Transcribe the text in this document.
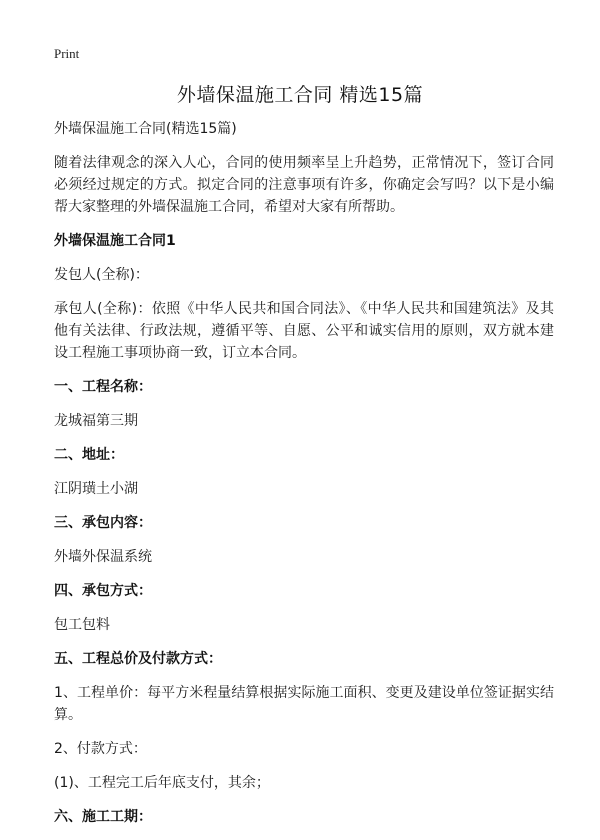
Print
外墙保温施工合同 精选15篇
外墙保温施工合同(精选15篇)
随着法律观念的深入人心，合同的使用频率呈上升趋势，正常情况下，签订合同必须经过规定的方式。拟定合同的注意事项有许多，你确定会写吗？以下是小编帮大家整理的外墙保温施工合同，希望对大家有所帮助。
外墙保温施工合同1
发包人(全称)：
承包人(全称)：依照《中华人民共和国合同法》、《中华人民共和国建筑法》及其他有关法律、行政法规，遵循平等、自愿、公平和诚实信用的原则，双方就本建设工程施工事项协商一致，订立本合同。
一、工程名称：
龙城福第三期
二、地址：
江阴璜土小湖
三、承包内容：
外墙外保温系统
四、承包方式：
包工包料
五、工程总价及付款方式：
1、工程单价：每平方米程量结算根据实际施工面积、变更及建设单位签证据实结算。
2、付款方式：
(1)、工程完工后年底支付，其余；
六、施工工期：
